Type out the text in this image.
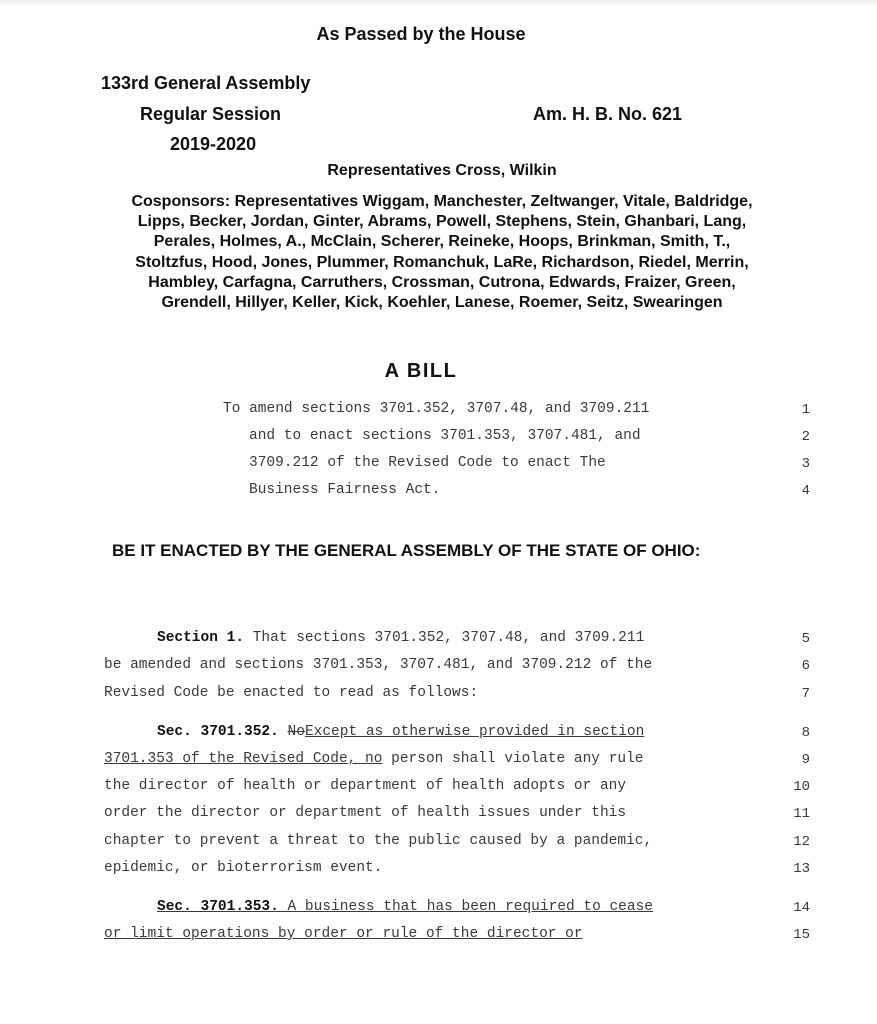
As Passed by the House
133rd General Assembly
Regular Session
2019-2020
Am. H. B. No. 621
Representatives Cross, Wilkin
Cosponsors: Representatives Wiggam, Manchester, Zeltwanger, Vitale, Baldridge,
Lipps, Becker, Jordan, Ginter, Abrams, Powell, Stephens, Stein, Ghanbari, Lang,
Perales, Holmes, A., McClain, Scherer, Reineke, Hoops, Brinkman, Smith, T.,
Stoltzfus, Hood, Jones, Plummer, Romanchuk, LaRe, Richardson, Riedel, Merrin,
Hambley, Carfagna, Carruthers, Crossman, Cutrona, Edwards, Fraizer, Green,
Grendell, Hillyer, Keller, Kick, Koehler, Lanese, Roemer, Seitz, Swearingen
A BILL
To amend sections 3701.352, 3707.48, and 3709.211	1
and to enact sections 3701.353, 3707.481, and	2
3709.212 of the Revised Code to enact The	3
Business Fairness Act.	4
BE IT ENACTED BY THE GENERAL ASSEMBLY OF THE STATE OF OHIO:
Section 1. That sections 3701.352, 3707.48, and 3709.211	5
be amended and sections 3701.353, 3707.481, and 3709.212 of the	6
Revised Code be enacted to read as follows:	7
Sec. 3701.352. NoExcept as otherwise provided in section	8
3701.353 of the Revised Code, no person shall violate any rule	9
the director of health or department of health adopts or any	10
order the director or department of health issues under this	11
chapter to prevent a threat to the public caused by a pandemic,	12
epidemic, or bioterrorism event.	13
Sec. 3701.353. A business that has been required to cease	14
or limit operations by order or rule of the director or	15
